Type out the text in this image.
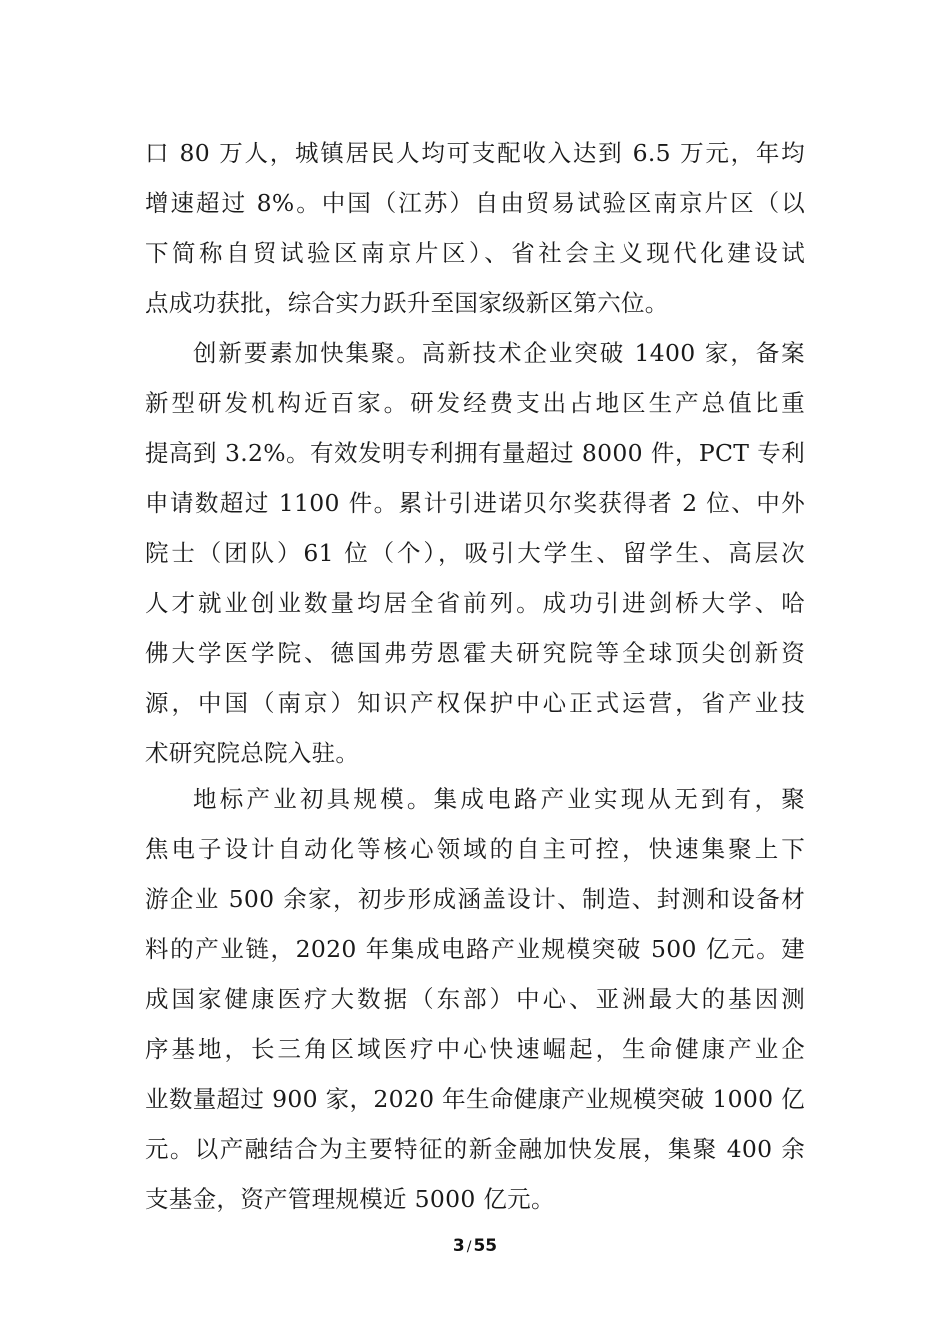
口 80 万人，城镇居民人均可支配收入达到 6.5 万元，年均
增速超过 8%。中国（江苏）自由贸易试验区南京片区（以
下简称自贸试验区南京片区）、省社会主义现代化建设试
点成功获批，综合实力跃升至国家级新区第六位。
创新要素加快集聚。高新技术企业突破 1400 家，备案
新型研发机构近百家。研发经费支出占地区生产总值比重
提高到 3.2%。有效发明专利拥有量超过 8000 件，PCT 专利
申请数超过 1100 件。累计引进诺贝尔奖获得者 2 位、中外
院士（团队）61 位（个），吸引大学生、留学生、高层次
人才就业创业数量均居全省前列。成功引进剑桥大学、哈
佛大学医学院、德国弗劳恩霍夫研究院等全球顶尖创新资
源，中国（南京）知识产权保护中心正式运营，省产业技
术研究院总院入驻。
地标产业初具规模。集成电路产业实现从无到有，聚
焦电子设计自动化等核心领域的自主可控，快速集聚上下
游企业 500 余家，初步形成涵盖设计、制造、封测和设备材
料的产业链，2020 年集成电路产业规模突破 500 亿元。建
成国家健康医疗大数据（东部）中心、亚洲最大的基因测
序基地，长三角区域医疗中心快速崛起，生命健康产业企
业数量超过 900 家，2020 年生命健康产业规模突破 1000 亿
元。以产融结合为主要特征的新金融加快发展，集聚 400 余
支基金，资产管理规模近 5000 亿元。
3 / 55
